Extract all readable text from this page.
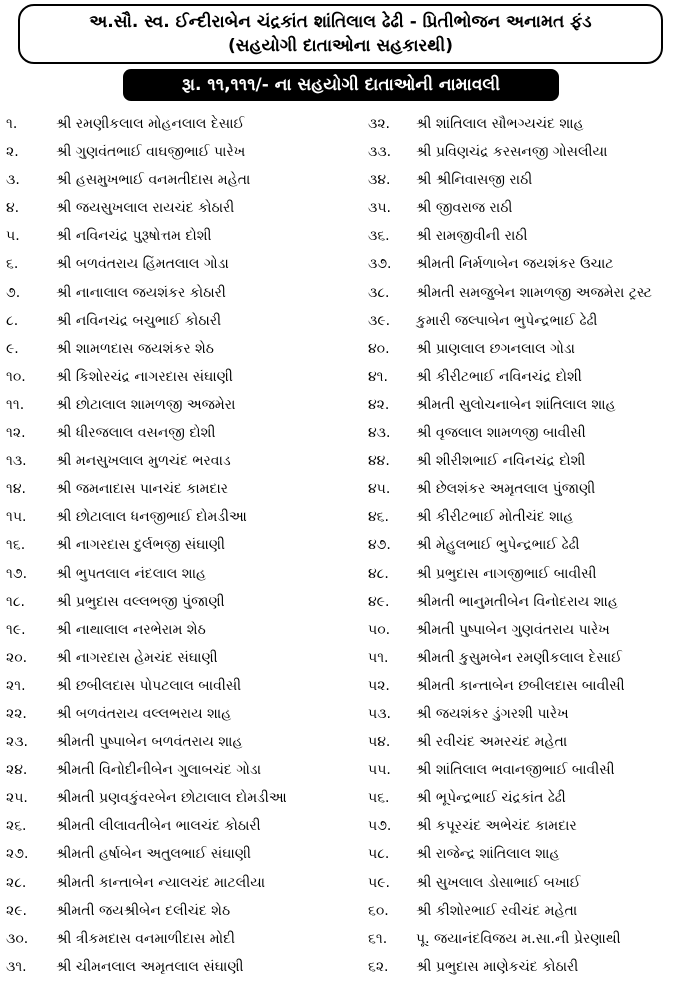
અ.સૌ. સ્વ. ઈન્દીરાબેન ચંદ્રકાંત શાંતિલાલ ઢેઢી - પ્રિતીભોજન અનામત ફંડ
(સહયોગી દાતાઓના સહકારથી)
રૂા. ૧૧,૧૧૧/- ના સહયોગી દાતાઓની નામાવલી
૧.	શ્રી રમણીકલાલ મોહનલાલ દેસાઈ
૨.	શ્રી ગુણવંતભાઈ વાઘજીભાઈ પારેખ
૩.	શ્રી હસમુખભાઈ વનમતીદાસ મહેતા
૪.	શ્રી જયસુખલાલ રાયચંદ કોઠારી
૫.	શ્રી નવિનચંદ્ર પુરૂષોત્તમ દોશી
૬.	શ્રી બળવંતરાય હિંમતલાલ ગોડા
૭.	શ્રી નાનાલાલ જયશંકર કોઠારી
૮.	શ્રી નવિનચંદ્ર બચુભાઈ કોઠારી
૯.	શ્રી શામળદાસ જયશંકર શેઠ
૧૦. શ્રી કિશોરચંદ્ર નાગરદાસ સંઘાણી
૧૧. શ્રી છોટાલાલ શામળજી અજમેરા
૧૨. શ્રી ધીરજલાલ વસનજી દોશી
૧૩. શ્રી મનસુખલાલ મુળચંદ ભરવાડ
૧૪. શ્રી જમનાદાસ પાનચંદ કામદાર
૧૫. શ્રી છોટાલાલ ધનજીભાઈ દોમડીઆ
૧૬. શ્રી નાગરદાસ દુર્લભજી સંઘાણી
૧૭. શ્રી ભુપતલાલ નંદલાલ શાહ
૧૮. શ્રી પ્રભુદાસ વલ્લભજી પુંજાણી
૧૯. શ્રી નાથાલાલ નરભેરામ શેઠ
૨૦. શ્રી નાગરદાસ હેમચંદ સંઘાણી
૨૧. શ્રી છબીલદાસ પોપટલાલ બાવીસી
૨૨. શ્રી બળવંતરાય વલ્લભરાય શાહ
૨૩. શ્રીમતી પુષ્પાબેન બળવંતરાય શાહ
૨૪. શ્રીમતી વિનોદીનીબેન ગુલાબચંદ ગોડા
૨૫. શ્રીમતી પ્રણવકુંવરબેન છોટાલાલ દોમડીઆ
૨૬. શ્રીમતી લીલાવતીબેન ભાલચંદ કોઠારી
૨૭. શ્રીમતી હર્ષાબેન અતુલભાઈ સંઘાણી
૨૮. શ્રીમતી કાન્તાબેન ન્યાલચંદ માટલીયા
૨૯. શ્રીમતી જયશ્રીબેન દલીચંદ શેઠ
૩૦. શ્રી ત્રીકમદાસ વનમાળીદાસ મોદી
૩૧. શ્રી ચીમનલાલ અમૃતલાલ સંઘાણી
૩૨. શ્રી શાંતિલાલ સૌભગ્યચંદ શાહ
૩૩. શ્રી પ્રવિણચંદ્ર કરસનજી ગોસલીયા
૩૪. શ્રી શ્રીનિવાસજી રાઠી
૩૫. શ્રી જીવરાજ રાઠી
૩૬. શ્રી રામજીવીની રાઠી
૩૭. શ્રીમતી નિર્મળાબેન જયશંકર ઉચાટ
૩૮. શ્રીમતી સમજુબેન શામળજી અજમેરા ટ્રસ્ટ
૩૯. કુમારી જલ્પાબેન ભુપેન્દ્રભાઈ ઢેઢી
૪૦. શ્રી પ્રાણલાલ છગનલાલ ગોડા
૪૧. શ્રી કીરીટભાઈ નવિનચંદ્ર દોશી
૪૨. શ્રીમતી સુલોચનાબેન શાંતિલાલ શાહ
૪૩. શ્રી વૃજલાલ શામળજી બાવીસી
૪૪. શ્રી શીરીશભાઈ નવિનચંદ્ર દોશી
૪૫. શ્રી છેલશંકર અમૃતલાલ પુંજાણી
૪૬. શ્રી કીરીટભાઈ મોતીચંદ શાહ
૪૭. શ્રી મેહુલભાઈ ભુપેન્દ્રભાઈ ઢેઢી
૪૮. શ્રી પ્રભુદાસ નાગજીભાઈ બાવીસી
૪૯. શ્રીમતી ભાનુમતીબેન વિનોદરાય શાહ
૫૦. શ્રીમતી પુષ્પાબેન ગુણવંતરાય પારેખ
૫૧. શ્રીમતી કુસુમબેન રમણીકલાલ દેસાઈ
૫૨. શ્રીમતી કાન્તાબેન છબીલદાસ બાવીસી
૫૩. શ્રી જયશંકર ડુંગરશી પારેખ
૫૪. શ્રી રવીચંદ અમરચંદ મહેતા
૫૫. શ્રી શાંતિલાલ ભવાનજીભાઈ બાવીસી
૫૬. શ્રી ભૂપેન્દ્રભાઈ ચંદ્રકાંત ઢેઢી
૫૭. શ્રી કપૂરચંદ અભેચંદ કામદાર
૫૮. શ્રી રાજેન્દ્ર શાંતિલાલ શાહ
૫૯. શ્રી સુખલાલ ડોસાભાઈ બખાઈ
૬૦. શ્રી કીશોરભાઈ રવીચંદ મહેતા
૬૧. પૂ. જયાનંદવિજય મ.સા.ની પ્રેરણાથી
૬૨. શ્રી પ્રભુદાસ માણેકચંદ કોઠારી
